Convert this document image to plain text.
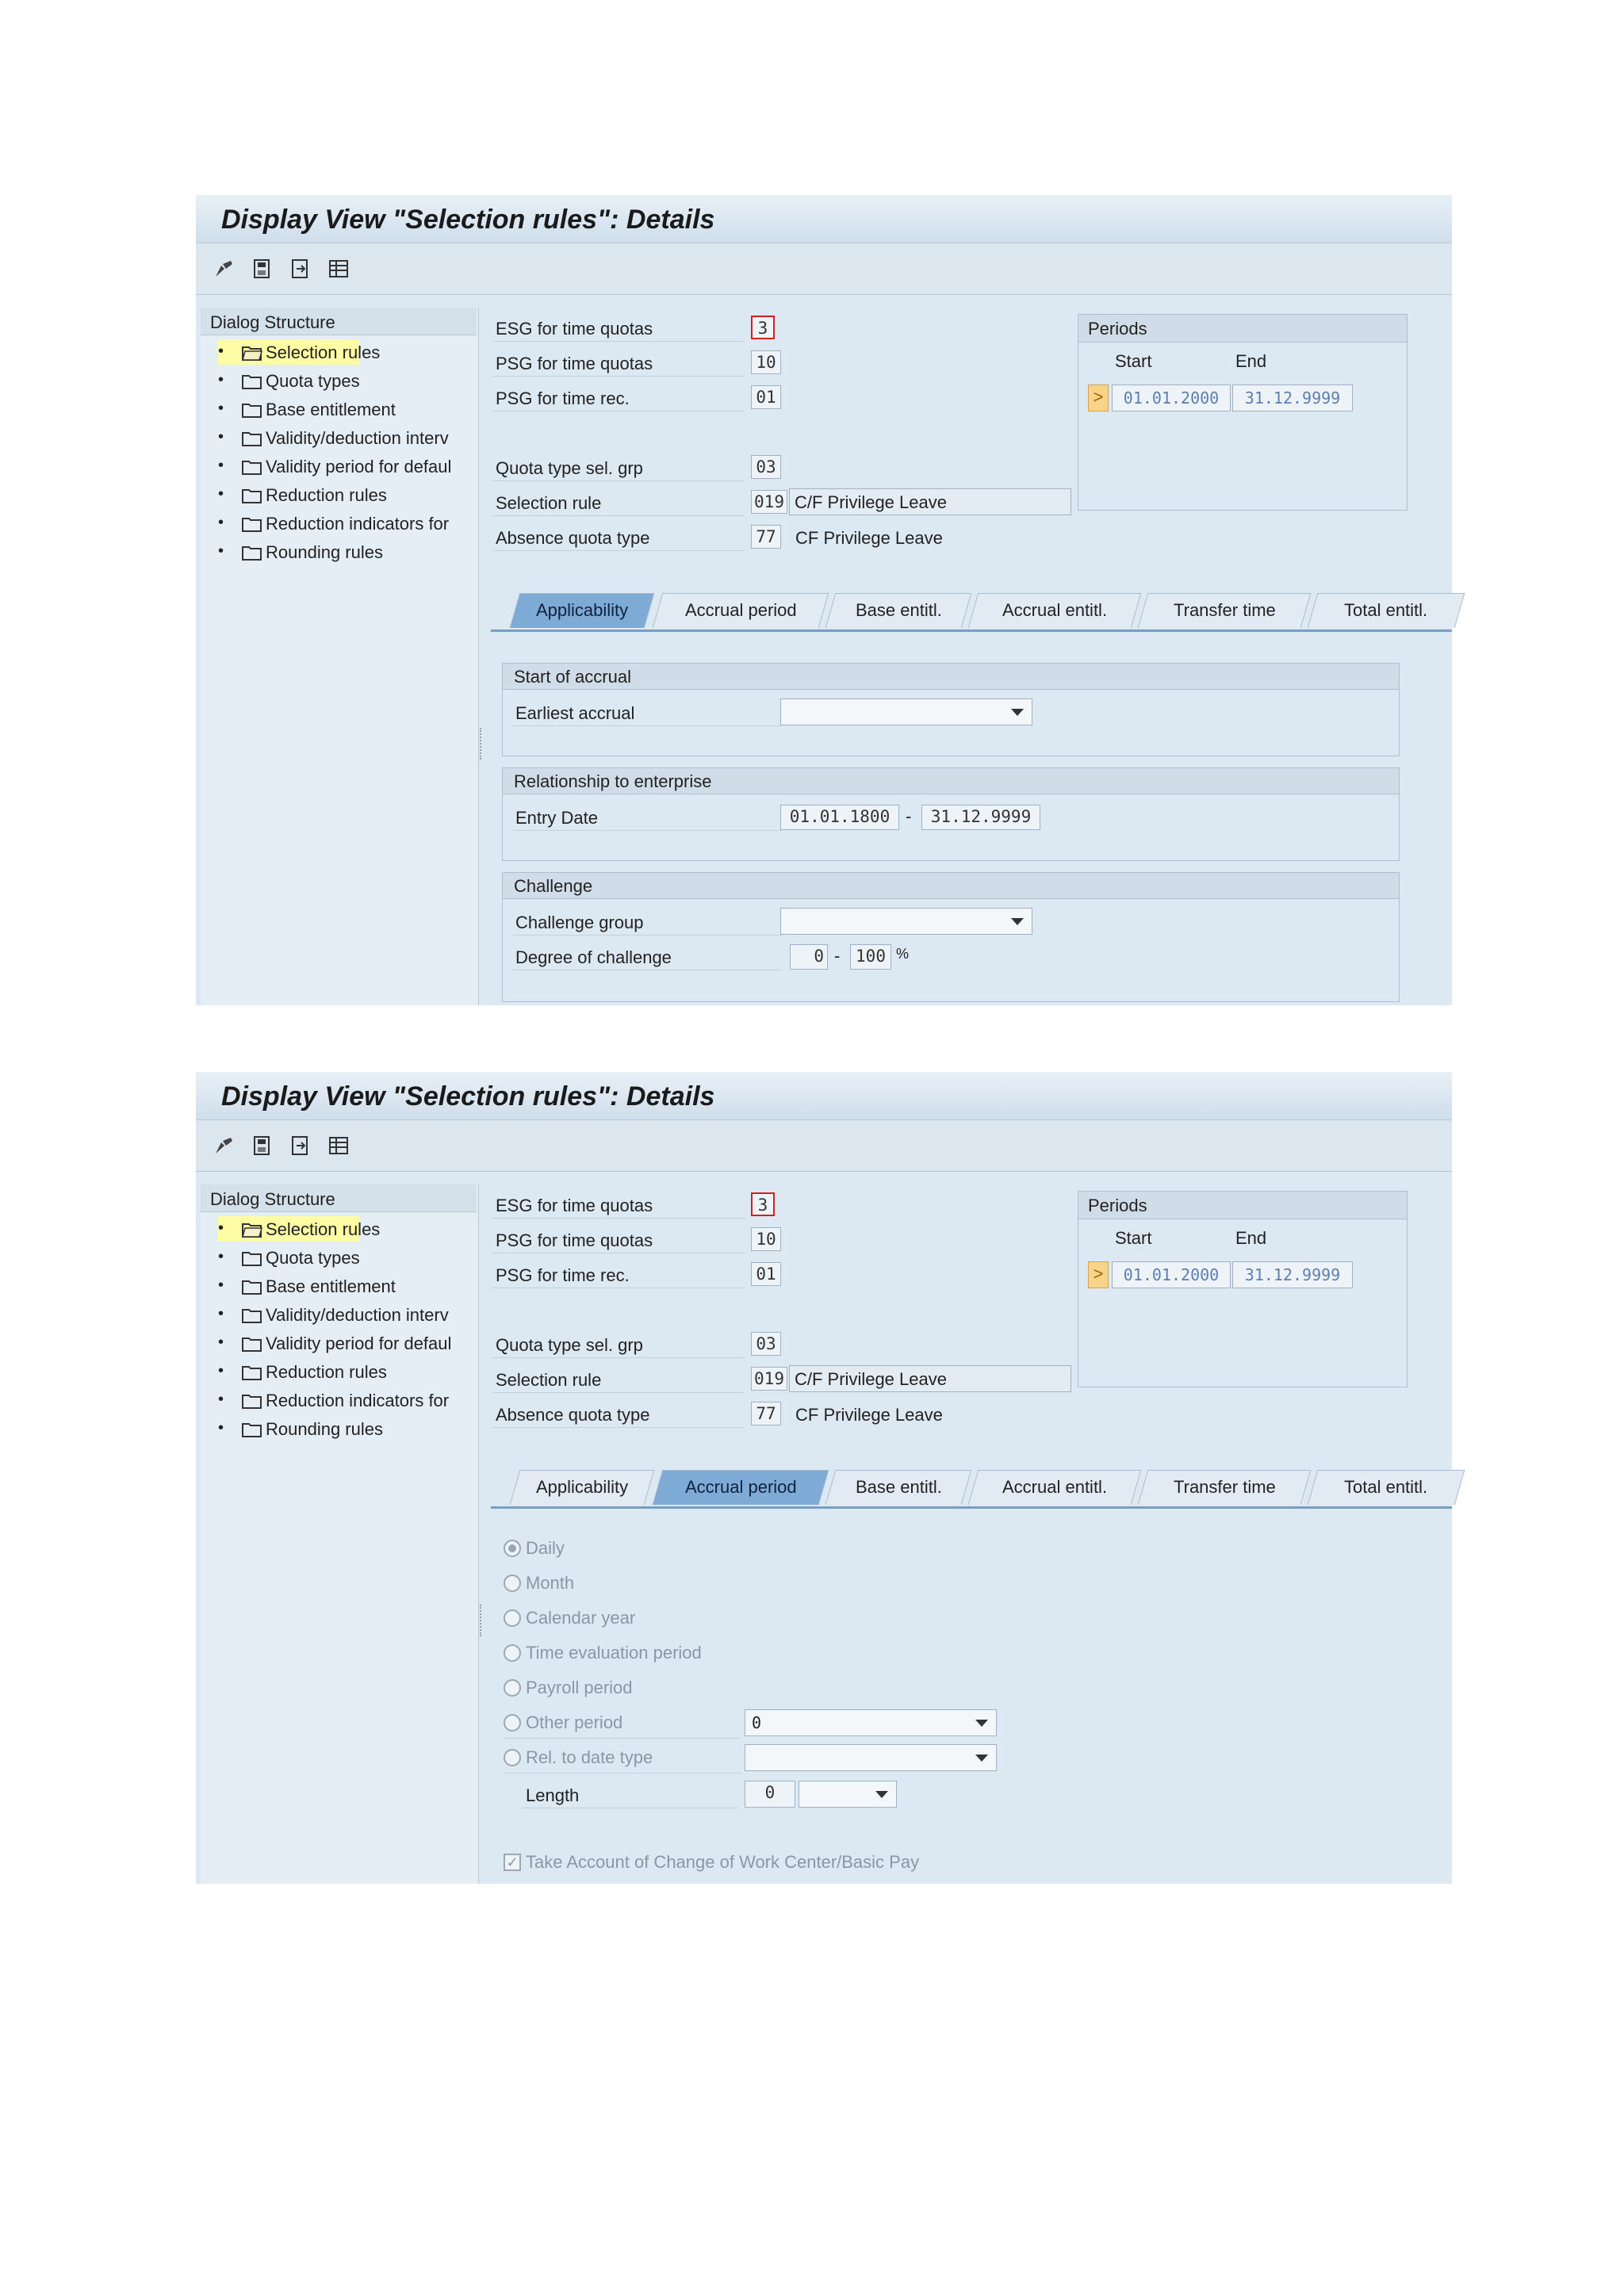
Display View "Selection rules": Details
Dialog Structure
• Selection rules
• Quota types
• Base entitlement
• Validity/deduction interv
• Validity period for defaul
• Reduction rules
• Reduction indicators for
• Rounding rules
ESG for time quotas	3
PSG for time quotas	10
PSG for time rec.	01
Quota type sel. grp	03
Selection rule	019 C/F Privilege Leave
Absence quota type	77 CF Privilege Leave
Periods
Start	End
>	01.01.2000	31.12.9999
Applicability	Accrual period	Base entitl.	Accrual entitl.	Transfer time	Total entitl.
Start of accrual
Earliest accrual
Relationship to enterprise
Entry Date	01.01.1800 -	31.12.9999
Challenge
Challenge group
Degree of challenge	0 - 100 %
Display View "Selection rules": Details
Dialog Structure
• Selection rules
• Quota types
• Base entitlement
• Validity/deduction interv
• Validity period for defaul
• Reduction rules
• Reduction indicators for
• Rounding rules
ESG for time quotas	3
PSG for time quotas	10
PSG for time rec.	01
Quota type sel. grp	03
Selection rule	019 C/F Privilege Leave
Absence quota type	77 CF Privilege Leave
Periods
Start	End
>	01.01.2000	31.12.9999
Applicability	Accrual period	Base entitl.	Accrual entitl.	Transfer time	Total entitl.
Daily
Month
Calendar year
Time evaluation period
Payroll period
Other period	0
Rel. to date type
Length	0
✓ Take Account of Change of Work Center/Basic Pay
